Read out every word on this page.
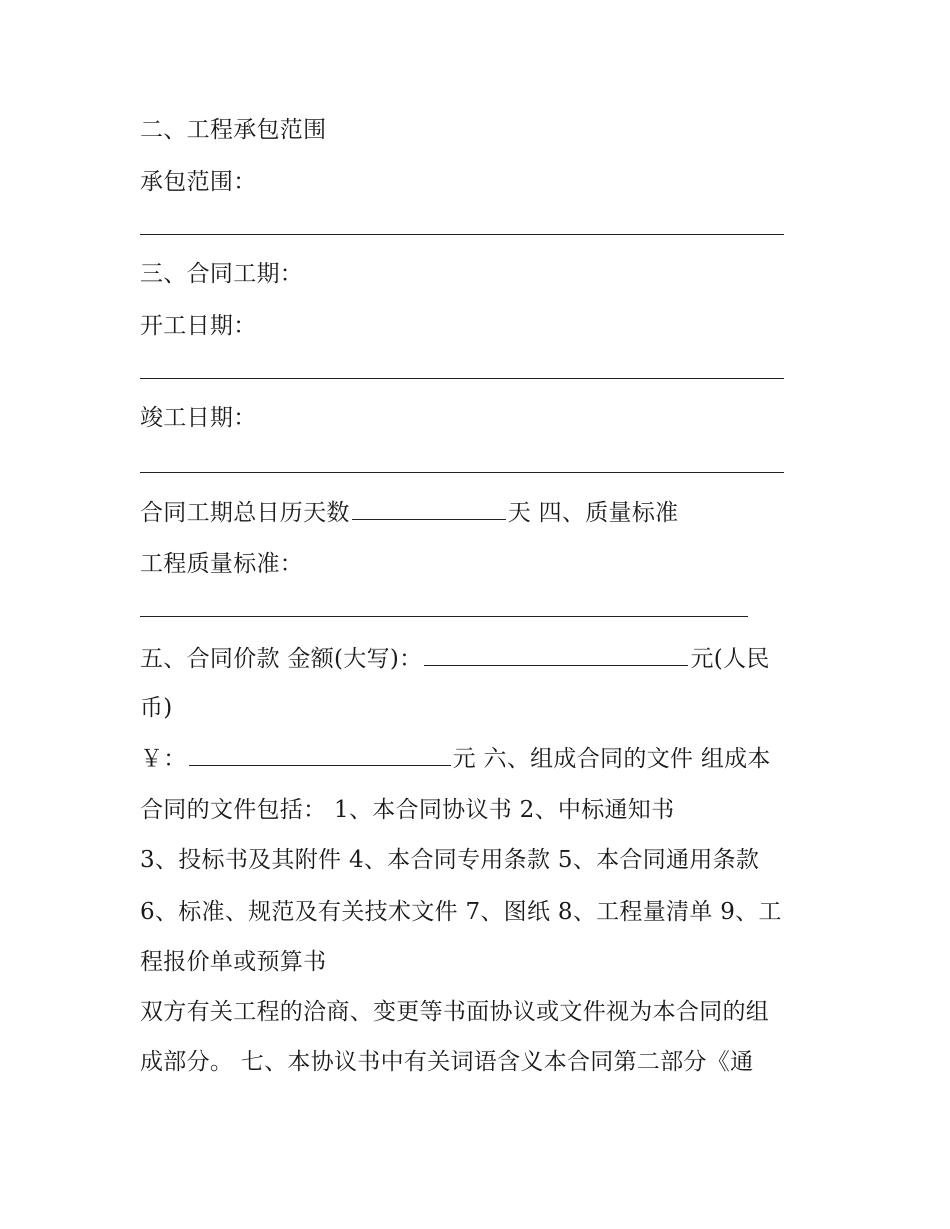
二、工程承包范围
承包范围：
三、合同工期：
开工日期：
竣工日期：
合同工期总日历天数	天 四、质量标准
工程质量标准：
五、合同价款 金额(大写)：	元(人民
币)
￥：	元 六、组成合同的文件 组成本
合同的文件包括： 1、本合同协议书 2、中标通知书
3、投标书及其附件 4、本合同专用条款 5、本合同通用条款
6、标准、规范及有关技术文件 7、图纸 8、工程量清单 9、工
程报价单或预算书
双方有关工程的洽商、变更等书面协议或文件视为本合同的组
成部分。 七、本协议书中有关词语含义本合同第二部分《通
